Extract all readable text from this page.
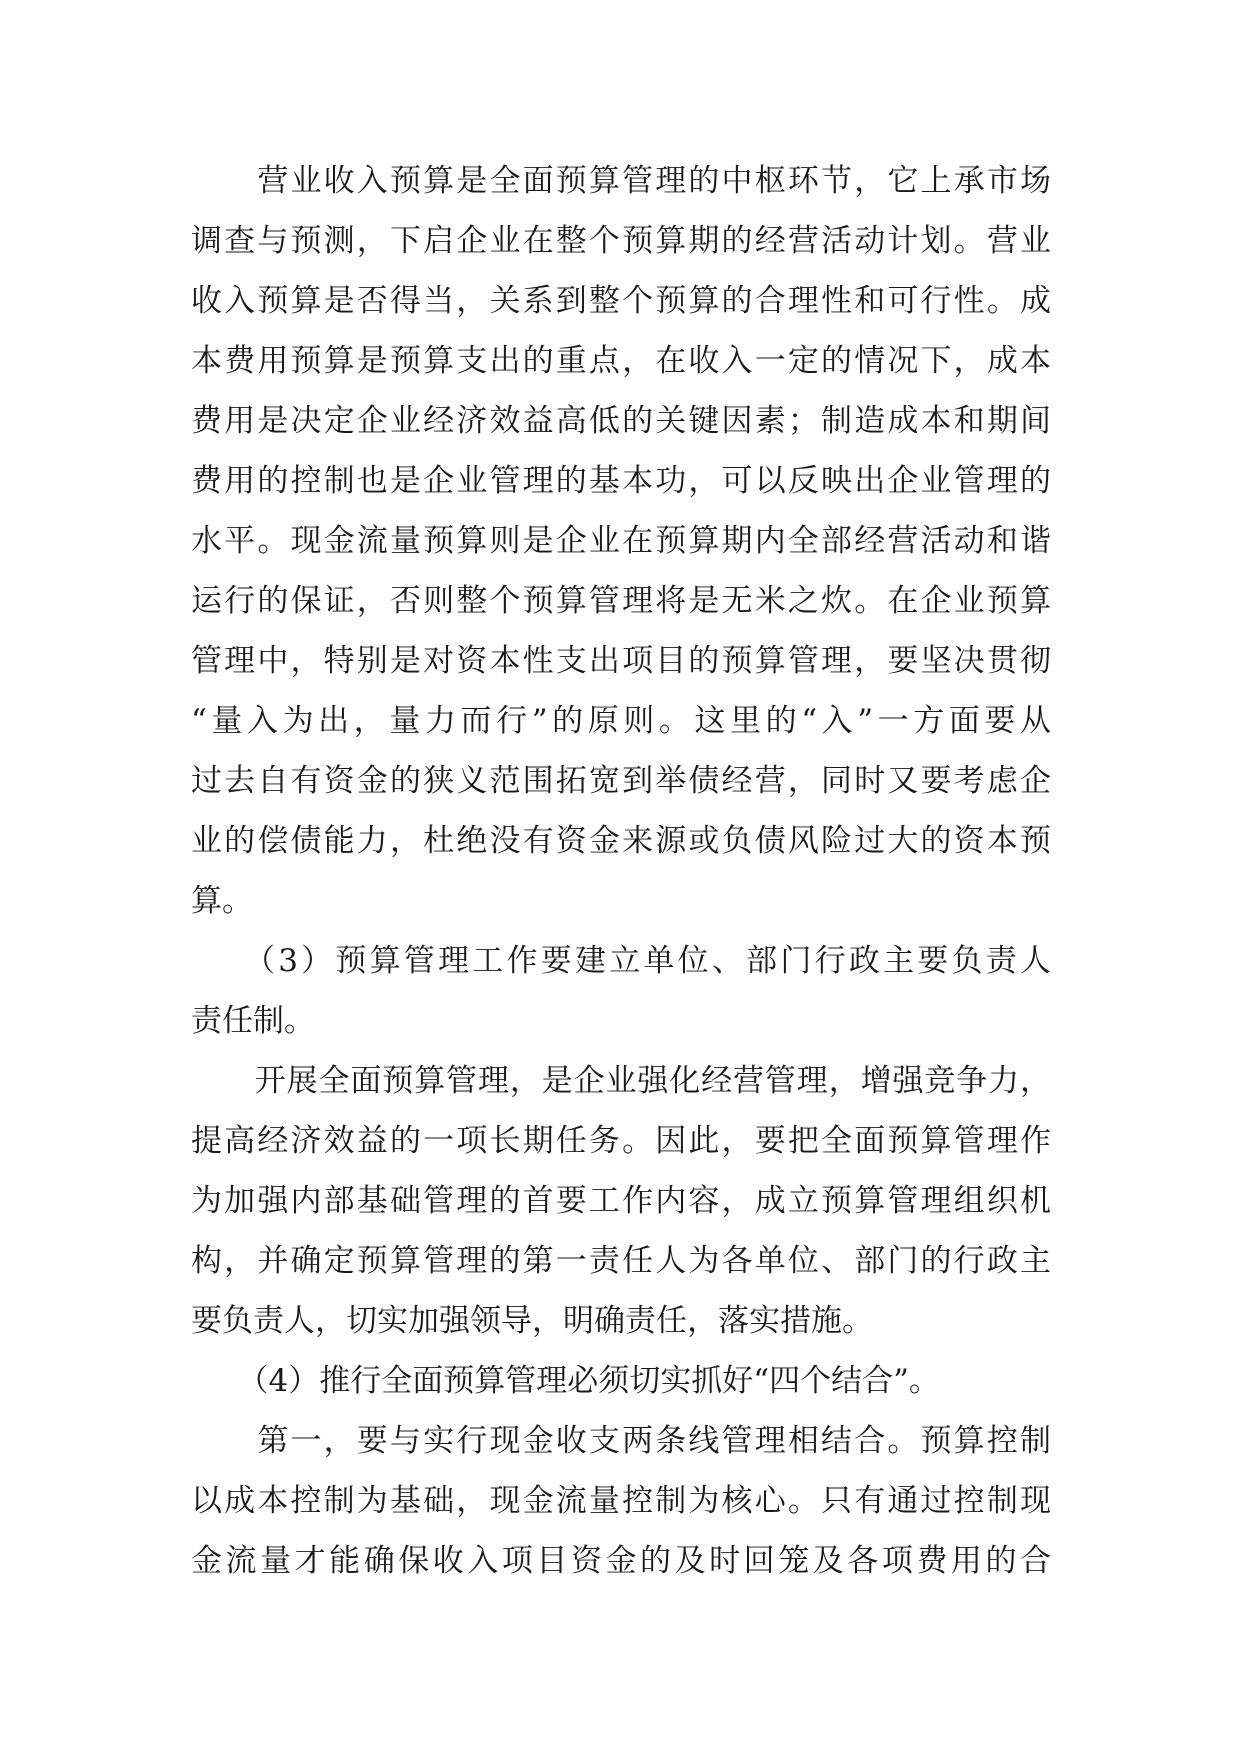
　　营业收入预算是全面预算管理的中枢环节，它上承市场
调查与预测，下启企业在整个预算期的经营活动计划。营业
收入预算是否得当，关系到整个预算的合理性和可行性。成
本费用预算是预算支出的重点，在收入一定的情况下，成本
费用是决定企业经济效益高低的关键因素；制造成本和期间
费用的控制也是企业管理的基本功，可以反映出企业管理的
水平。现金流量预算则是企业在预算期内全部经营活动和谐
运行的保证，否则整个预算管理将是无米之炊。在企业预算
管理中，特别是对资本性支出项目的预算管理，要坚决贯彻
“量入为出，量力而行”的原则。这里的“入”一方面要从
过去自有资金的狭义范围拓宽到举债经营，同时又要考虑企
业的偿债能力，杜绝没有资金来源或负债风险过大的资本预
算。
　　（3）预算管理工作要建立单位、部门行政主要负责人
责任制。
　　开展全面预算管理，是企业强化经营管理，增强竞争力，
提高经济效益的一项长期任务。因此，要把全面预算管理作
为加强内部基础管理的首要工作内容，成立预算管理组织机
构，并确定预算管理的第一责任人为各单位、部门的行政主
要负责人，切实加强领导，明确责任，落实措施。
　　（4）推行全面预算管理必须切实抓好“四个结合”。
　　第一，要与实行现金收支两条线管理相结合。预算控制
以成本控制为基础，现金流量控制为核心。只有通过控制现
金流量才能确保收入项目资金的及时回笼及各项费用的合
